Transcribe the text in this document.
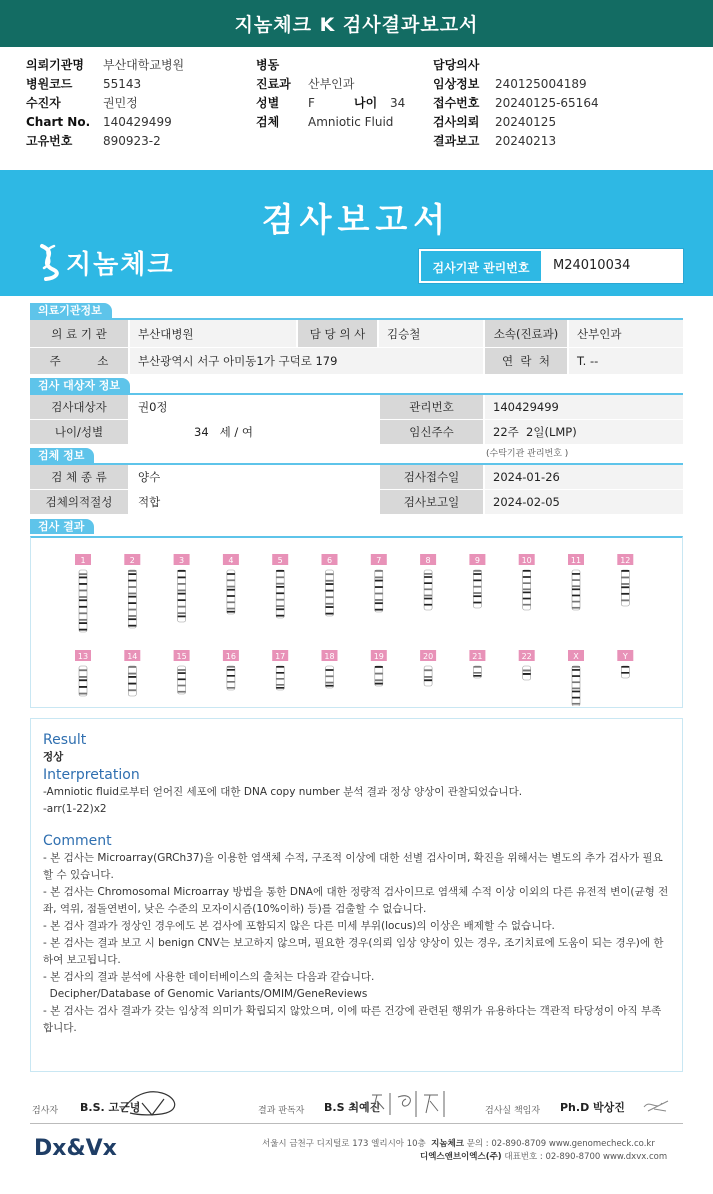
지놈체크 K 검사결과보고서
의뢰기관명	부산대학교병원
병원코드	55143
수진자	권민정
Chart No.	140429499
고유번호	890923-2
병동
진료과	산부인과
성별	F	나이	34
검체	Amniotic Fluid
담당의사
임상정보	240125004189
접수번호	20240125-65164
검사의뢰	20240125
결과보고	20240213
검사보고서
지놈체크	검사기관 관리번호	M24010034
의료기관정보
의 료 기 관	부산대병원	담 당 의 사	김승철	소속(진료과)	산부인과
주          소	부산광역시 서구 아미동1가 구덕로 179	연  락  처	T. --
검사 대상자 정보
검사대상자	권0정	관리번호	140429499
나이/성별	34   세 / 여	임신주수	22주  2일(LMP)
검체 정보	(수탁기관 관리번호 )
검 체 종 류	양수	검사접수일	2024-01-26
검체의적절성	적합	검사보고일	2024-02-05
검사 결과
1	2	3	4	5	6	7	8	9	10	11	12
13	14	15	16	17	18	19	20	21	22	X	Y
Result
정상
Interpretation
-Amniotic fluid로부터 얻어진 세포에 대한 DNA copy number 분석 결과 정상 양상이 관찰되었습니다.
-arr(1-22)x2
Comment
- 본 검사는 Microarray(GRCh37)을 이용한 염색체 수적, 구조적 이상에 대한 선별 검사이며, 확진을 위해서는 별도의 추가 검사가 필요
할 수 있습니다.
- 본 검사는 Chromosomal Microarray 방법을 통한 DNA에 대한 정량적 검사이므로 염색체 수적 이상 이외의 다른 유전적 변이(균형 전
좌, 역위, 점돌연변이, 낮은 수준의 모자이시즘(10%이하) 등)를 검출할 수 없습니다.
- 본 검사 결과가 정상인 경우에도 본 검사에 포함되지 않은 다른 미세 부위(locus)의 이상은 배제할 수 없습니다.
- 본 검사는 결과 보고 시 benign CNV는 보고하지 않으며, 필요한 경우(의뢰 임상 양상이 있는 경우, 조기치료에 도움이 되는 경우)에 한
하여 보고됩니다.
- 본 검사의 결과 분석에 사용한 데이터베이스의 출처는 다음과 같습니다.
Decipher/Database of Genomic Variants/OMIM/GeneReviews
- 본 검사는 검사 결과가 갖는 임상적 의미가 확립되지 않았으며, 이에 따른 건강에 관련된 행위가 유용하다는 객관적 타당성이 아직 부족
합니다.
검사자 B.S. 고근녕	결과 판독자 B.S 최예진	검사실 책임자 Ph.D 박상진
Dx&Vx	서울시 금천구 디지털로 173 엘리시아 10층 지놈체크 문의 : 02-890-8709 www.genomecheck.co.kr
디엑스앤브이엑스(주) 대표번호 : 02-890-8700 www.dxvx.com
